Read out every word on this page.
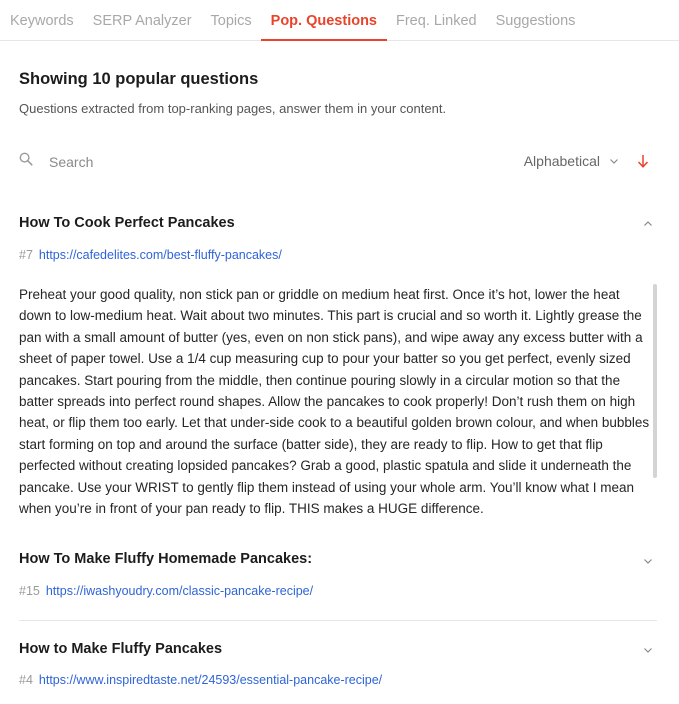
Keywords SERP Analyzer Topics	Pop. Questions	Freq. Linked Suggestions
Showing 10 popular questions
Questions extracted from top-ranking pages, answer them in your content.
Search
Alphabetical
How To Cook Perfect Pancakes
#7 https://cafedelites.com/best-fluffy-pancakes/
Preheat your good quality, non stick pan or griddle on medium heat first. Once it’s hot, lower the heat down to low-medium heat. Wait about two minutes. This part is crucial and so worth it. Lightly grease the pan with a small amount of butter (yes, even on non stick pans), and wipe away any excess butter with a sheet of paper towel. Use a 1/4 cup measuring cup to pour your batter so you get perfect, evenly sized pancakes. Start pouring from the middle, then continue pouring slowly in a circular motion so that the batter spreads into perfect round shapes. Allow the pancakes to cook properly! Don’t rush them on high heat, or flip them too early. Let that under-side cook to a beautiful golden brown colour, and when bubbles start forming on top and around the surface (batter side), they are ready to flip. How to get that flip perfected without creating lopsided pancakes? Grab a good, plastic spatula and slide it underneath the pancake. Use your WRIST to gently flip them instead of using your whole arm. You’ll know what I mean when you’re in front of your pan ready to flip. THIS makes a HUGE difference.
How To Make Fluffy Homemade Pancakes:
#15 https://iwashyoudry.com/classic-pancake-recipe/
How to Make Fluffy Pancakes
#4 https://www.inspiredtaste.net/24593/essential-pancake-recipe/
